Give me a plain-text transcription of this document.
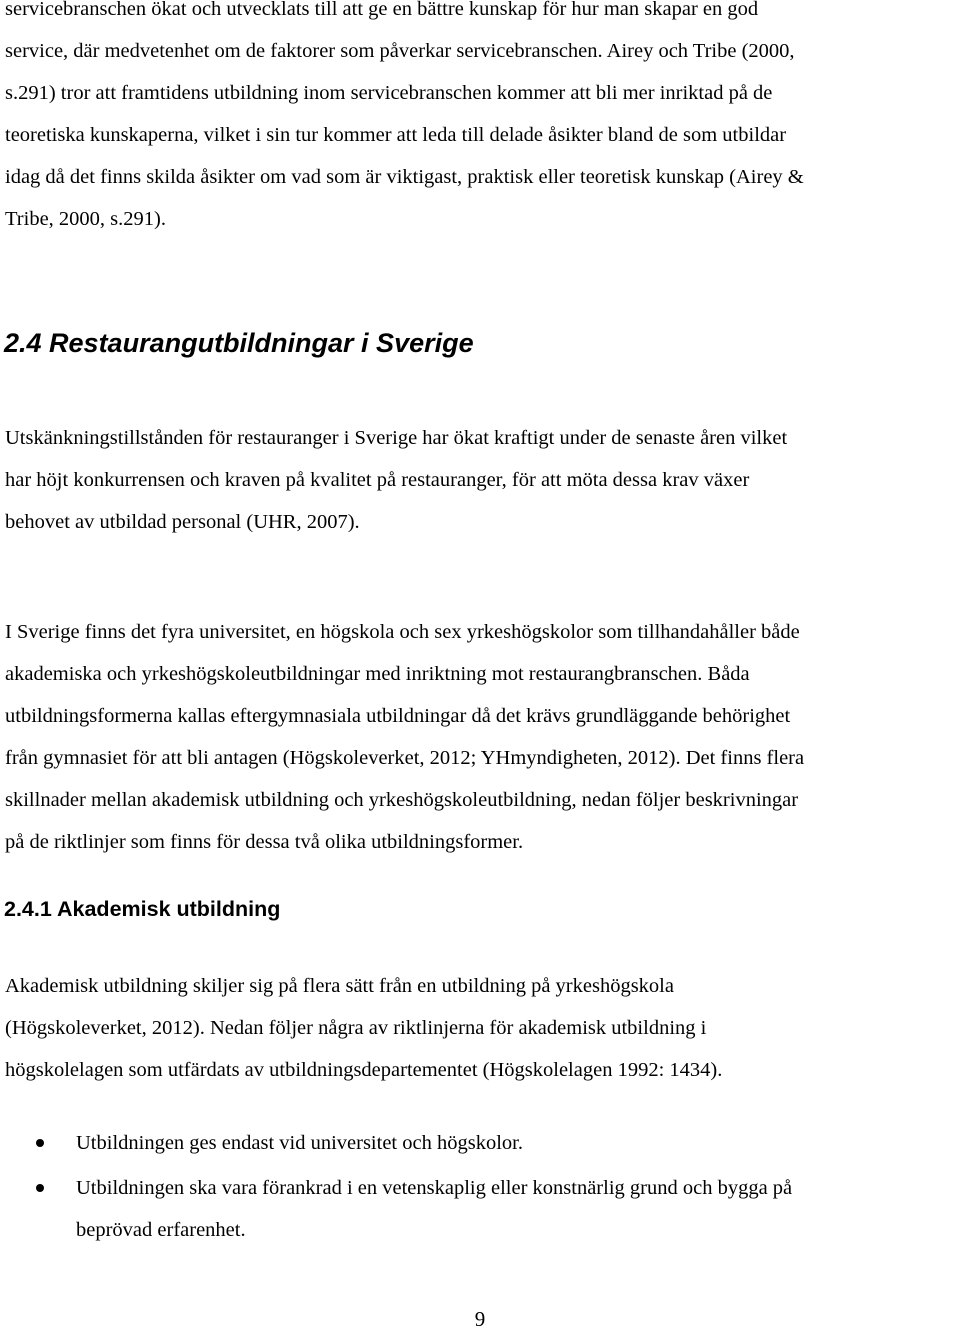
servicebranschen ökat och utvecklats till att ge en bättre kunskap för hur man skapar en god
service, där medvetenhet om de faktorer som påverkar servicebranschen. Airey och Tribe (2000,
s.291) tror att framtidens utbildning inom servicebranschen kommer att bli mer inriktad på de
teoretiska kunskaperna, vilket i sin tur kommer att leda till delade åsikter bland de som utbildar
idag då det finns skilda åsikter om vad som är viktigast, praktisk eller teoretisk kunskap (Airey &
Tribe, 2000, s.291).
2.4 Restaurangutbildningar i Sverige
Utskänkningstillstånden för restauranger i Sverige har ökat kraftigt under de senaste åren vilket
har höjt konkurrensen och kraven på kvalitet på restauranger, för att möta dessa krav växer
behovet av utbildad personal (UHR, 2007).
I Sverige finns det fyra universitet, en högskola och sex yrkeshögskolor som tillhandahåller både
akademiska och yrkeshögskoleutbildningar med inriktning mot restaurangbranschen. Båda
utbildningsformerna kallas eftergymnasiala utbildningar då det krävs grundläggande behörighet
från gymnasiet för att bli antagen (Högskoleverket, 2012; YHmyndigheten, 2012). Det finns flera
skillnader mellan akademisk utbildning och yrkeshögskoleutbildning, nedan följer beskrivningar
på de riktlinjer som finns för dessa två olika utbildningsformer.
2.4.1 Akademisk utbildning
Akademisk utbildning skiljer sig på flera sätt från en utbildning på yrkeshögskola
(Högskoleverket, 2012). Nedan följer några av riktlinjerna för akademisk utbildning i
högskolelagen som utfärdats av utbildningsdepartementet (Högskolelagen 1992: 1434).
Utbildningen ges endast vid universitet och högskolor.
Utbildningen ska vara förankrad i en vetenskaplig eller konstnärlig grund och bygga på
beprövad erfarenhet.
9
